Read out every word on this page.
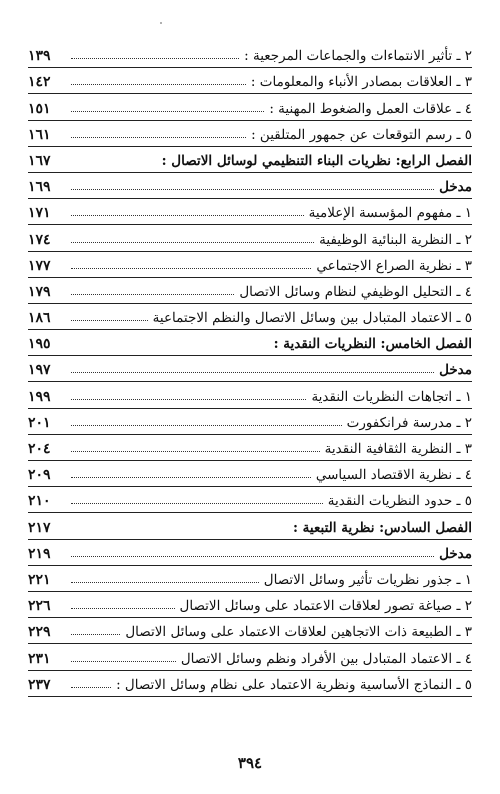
٢ ـ تأثير الانتماءات والجماعات المرجعية :
١٣٩
٣ ـ العلاقات بمصادر الأنباء والمعلومات :
١٤٢
٤ ـ علاقات العمل والضغوط المهنية :
١٥١
٥ ـ رسم التوقعات عن جمهور المتلقين :
١٦١
الفصل الرابع: نظريات البناء التنظيمي لوسائل الاتصال :
١٦٧
مدخل
١٦٩
١ ـ مفهوم المؤسسة الإعلامية
١٧١
٢ ـ النظرية البنائية الوظيفية
١٧٤
٣ ـ نظرية الصراع الاجتماعي
١٧٧
٤ ـ التحليل الوظيفي لنظام وسائل الاتصال
١٧٩
٥ ـ الاعتماد المتبادل بين وسائل الاتصال والنظم الاجتماعية
١٨٦
الفصل الخامس: النظريات النقدية :
١٩٥
مدخل
١٩٧
١ ـ اتجاهات النظريات النقدية
١٩٩
٢ ـ مدرسة فرانكفورت
٢٠١
٣ ـ النظرية الثقافية النقدية
٢٠٤
٤ ـ نظرية الاقتصاد السياسي
٢٠٩
٥ ـ حدود النظريات النقدية
٢١٠
الفصل السادس: نظرية التبعية :
٢١٧
مدخل
٢١٩
١ ـ جذور نظريات تأثير وسائل الاتصال
٢٢١
٢ ـ صياغة تصور لعلاقات الاعتماد على وسائل الاتصال
٢٢٦
٣ ـ الطبيعة ذات الاتجاهين لعلاقات الاعتماد على وسائل الاتصال
٢٢٩
٤ ـ الاعتماد المتبادل بين الأفراد ونظم وسائل الاتصال
٢٣١
٥ ـ النماذج الأساسية ونظرية الاعتماد على نظام وسائل الاتصال :
٢٣٧
٣٩٤
